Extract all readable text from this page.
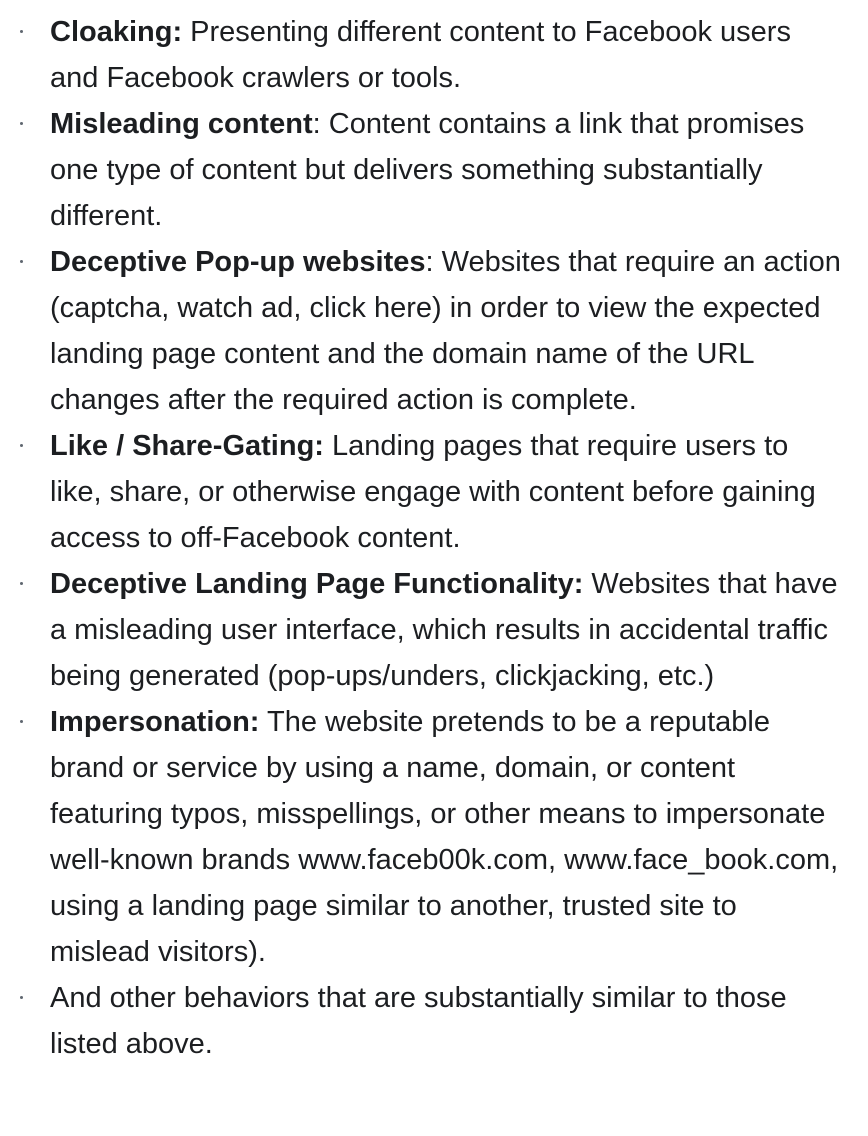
Cloaking: Presenting different content to Facebook users and Facebook crawlers or tools.
Misleading content: Content contains a link that promises one type of content but delivers something substantially different.
Deceptive Pop-up websites: Websites that require an action (captcha, watch ad, click here) in order to view the expected landing page content and the domain name of the URL changes after the required action is complete.
Like / Share-Gating: Landing pages that require users to like, share, or otherwise engage with content before gaining access to off-Facebook content.
Deceptive Landing Page Functionality: Websites that have a misleading user interface, which results in accidental traffic being generated (pop-ups/unders, clickjacking, etc.)
Impersonation: The website pretends to be a reputable brand or service by using a name, domain, or content featuring typos, misspellings, or other means to impersonate well-known brands www.faceb00k.com, www.face_book.com, using a landing page similar to another, trusted site to mislead visitors).
And other behaviors that are substantially similar to those listed above.
